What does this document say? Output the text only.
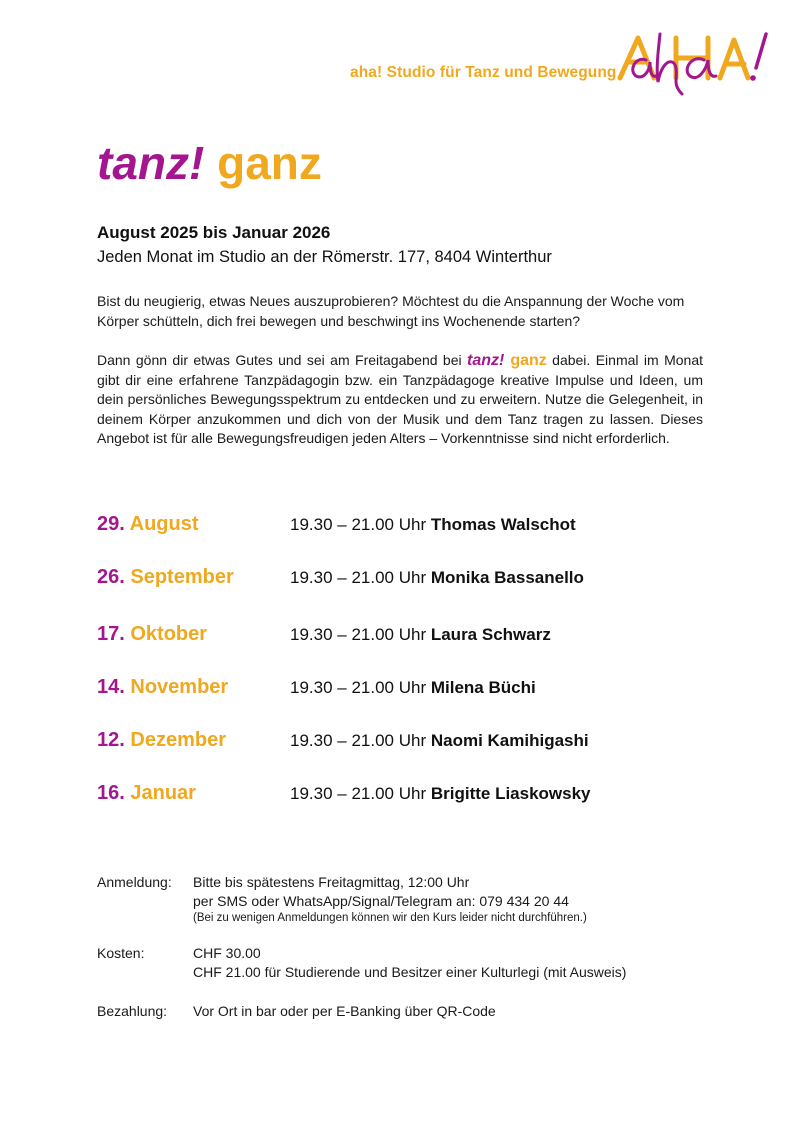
aha! Studio für Tanz und Bewegung
tanz! ganz
August 2025 bis Januar 2026
Jeden Monat im Studio an der Römerstr. 177, 8404 Winterthur

Bist du neugierig, etwas Neues auszuprobieren? Möchtest du die Anspannung der Woche vom Körper schütteln, dich frei bewegen und beschwingt ins Wochenende starten?

Dann gönn dir etwas Gutes und sei am Freitagabend bei tanz! ganz dabei. Einmal im Monat gibt dir eine erfahrene Tanzpädagogin bzw. ein Tanzpädagoge kreative Impulse und Ideen, um dein persönliches Bewegungsspektrum zu entdecken und zu erweitern. Nutze die Gelegenheit, in deinem Körper anzukommen und dich von der Musik und dem Tanz tragen zu lassen. Dieses Angebot ist für alle Bewegungsfreudigen jeden Alters – Vorkenntnisse sind nicht erforderlich.

29. August	19.30 – 21.00 Uhr Thomas Walschot
26. September	19.30 – 21.00 Uhr Monika Bassanello
17. Oktober	19.30 – 21.00 Uhr Laura Schwarz
14. November	19.30 – 21.00 Uhr Milena Büchi
12. Dezember	19.30 – 21.00 Uhr Naomi Kamihigashi
16. Januar	19.30 – 21.00 Uhr Brigitte Liaskowsky
Anmeldung: Bitte bis spätestens Freitagmittag, 12:00 Uhr
per SMS oder WhatsApp/Signal/Telegram an: 079 434 20 44
(Bei zu wenigen Anmeldungen können wir den Kurs leider nicht durchführen.)
Kosten:	CHF 30.00
CHF 21.00 für Studierende und Besitzer einer Kulturlegi (mit Ausweis)
Bezahlung: Vor Ort in bar oder per E-Banking über QR-Code
